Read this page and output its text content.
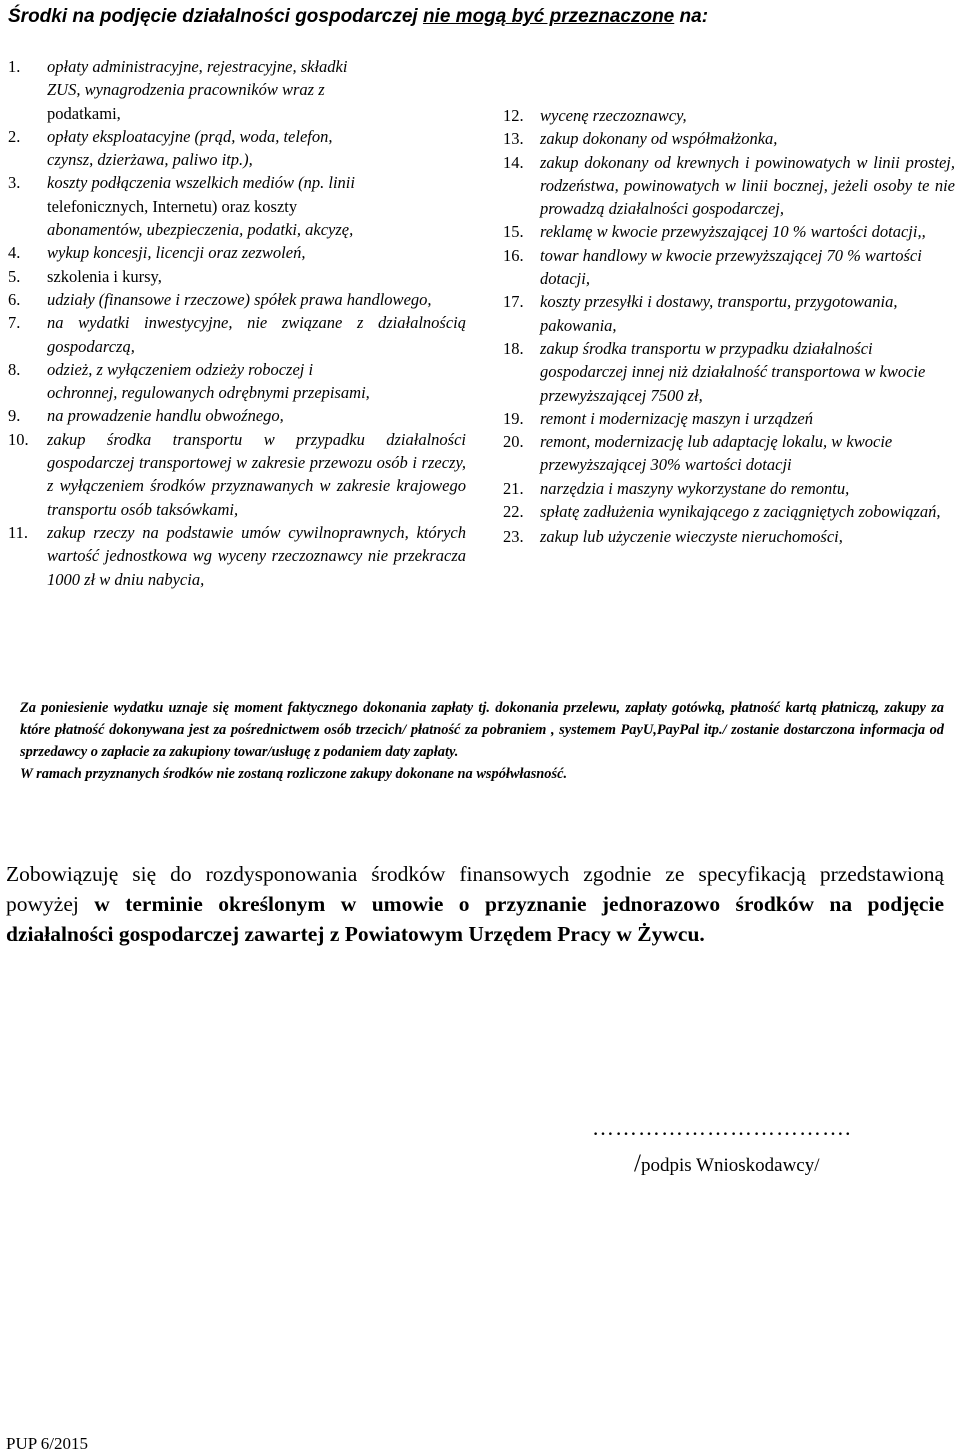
Środki na podjęcie działalności gospodarczej nie mogą być przeznaczone na:
1.	opłaty administracyjne, rejestracyjne, składki
ZUS, wynagrodzenia pracowników wraz z
podatkami,
2.	opłaty eksploatacyjne (prąd, woda, telefon,
czynsz, dzierżawa, paliwo itp.),
3.	koszty podłączenia wszelkich mediów (np. linii
telefonicznych, Internetu) oraz koszty
abonamentów, ubezpieczenia, podatki, akcyzę,
4.	wykup koncesji, licencji oraz zezwoleń,
5.	szkolenia i kursy,
6.	udziały (finansowe i rzeczowe) spółek prawa handlowego,
7.	na wydatki inwestycyjne, nie związane z działalnością gospodarczą,
8.	odzież, z wyłączeniem odzieży roboczej i
ochronnej, regulowanych odrębnymi przepisami,
9.	na prowadzenie handlu obwoźnego,
10.	zakup środka transportu w przypadku działalności gospodarczej transportowej w zakresie przewozu osób i rzeczy, z wyłączeniem środków przyznawanych w zakresie krajowego transportu osób taksówkami,
11.	zakup rzeczy na podstawie umów cywilnoprawnych, których wartość jednostkowa wg wyceny rzeczoznawcy nie przekracza 1000 zł w dniu nabycia,
12. wycenę rzeczoznawcy,
13. zakup dokonany od współmałżonka,
14. zakup dokonany od krewnych i powinowatych w linii prostej, rodzeństwa, powinowatych w linii bocznej, jeżeli osoby te nie prowadzą działalności gospodarczej,
15. reklamę w kwocie przewyższającej 10 % wartości dotacji,,
16. towar handlowy w kwocie przewyższającej 70 % wartości dotacji,
17. koszty przesyłki i dostawy, transportu, przygotowania, pakowania,
18. zakup środka transportu w przypadku działalności gospodarczej innej niż działalność transportowa w kwocie przewyższającej 7500 zł,
19. remont i modernizację maszyn i urządzeń
20. remont, modernizację lub adaptację lokalu, w kwocie przewyższającej 30% wartości dotacji
21. narzędzia i maszyny wykorzystane do remontu,
22. spłatę zadłużenia wynikającego z zaciągniętych zobowiązań,
23. zakup lub użyczenie wieczyste nieruchomości,

Za poniesienie wydatku uznaje się moment faktycznego dokonania zapłaty tj. dokonania przelewu, zapłaty gotówką, płatność kartą płatniczą, zakupy za które płatność dokonywana jest za pośrednictwem osób trzecich/ płatność za pobraniem , systemem PayU,PayPal itp./ zostanie dostarczona informacja od sprzedawcy o zapłacie za zakupiony towar/usługę z podaniem daty zapłaty.

W ramach przyznanych środków nie zostaną rozliczone zakupy dokonane na współwłasność.

Zobowiązuję się do rozdysponowania środków finansowych zgodnie ze specyfikacją przedstawioną powyżej w terminie określonym w umowie o przyznanie jednorazowo środków na podjęcie działalności gospodarczej zawartej z Powiatowym Urzędem Pracy w Żywcu.
…………………………….
/podpis Wnioskodawcy/
PUP 6/2015
